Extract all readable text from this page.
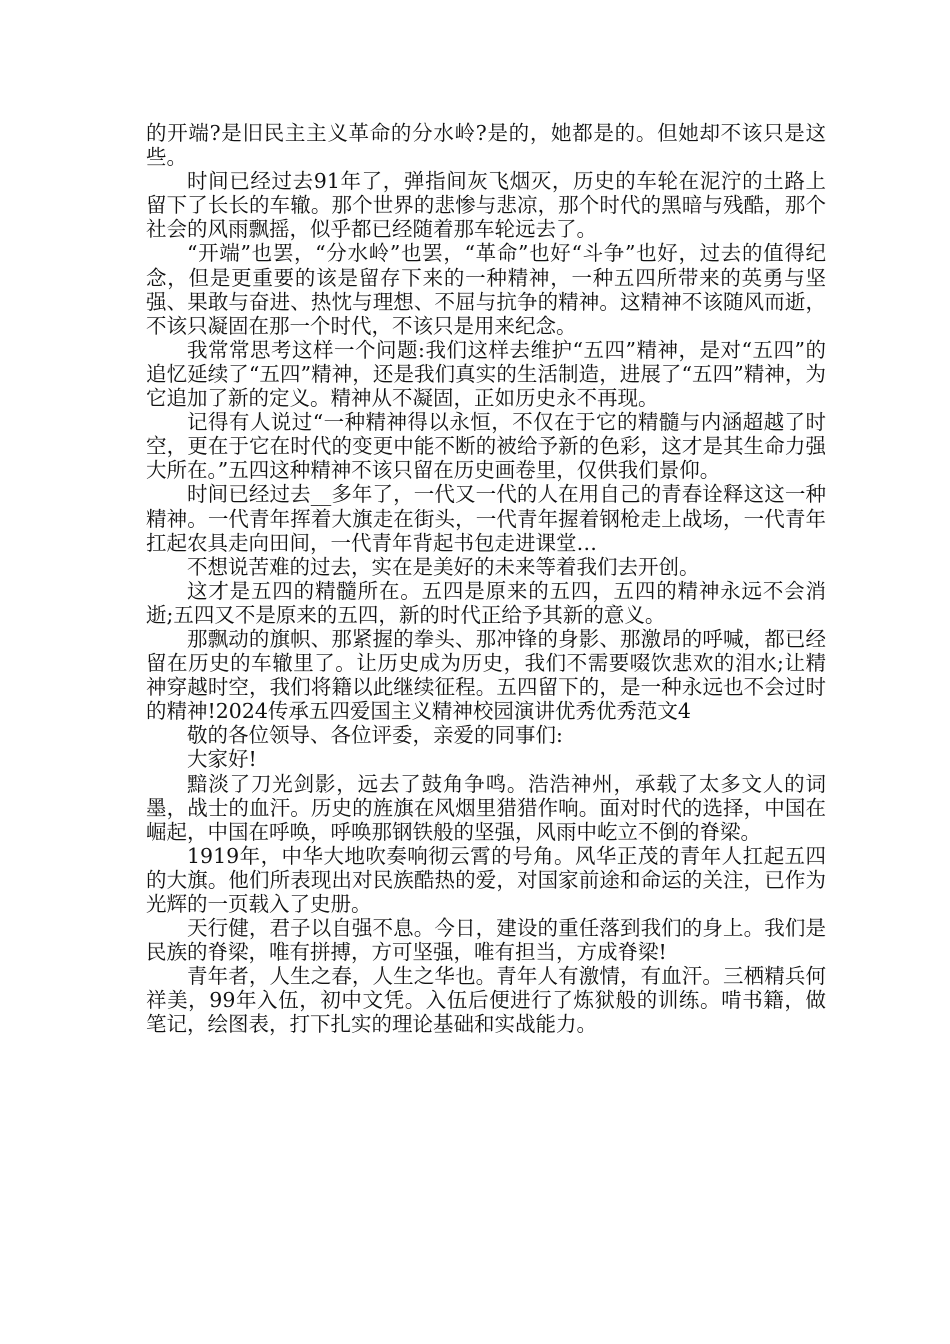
的开端?是旧民主主义革命的分水岭?是的，她都是的。但她却不该只是这些。

时间已经过去91年了，弹指间灰飞烟灭，历史的车轮在泥泞的土路上留下了长长的车辙。那个世界的悲惨与悲凉，那个时代的黑暗与残酷，那个社会的风雨飘摇，似乎都已经随着那车轮远去了。

“开端”也罢，“分水岭”也罢，“革命”也好“斗争”也好，过去的值得纪念，但是更重要的该是留存下来的一种精神，一种五四所带来的英勇与坚强、果敢与奋进、热忱与理想、不屈与抗争的精神。这精神不该随风而逝，不该只凝固在那一个时代，不该只是用来纪念。

我常常思考这样一个问题:我们这样去维护“五四”精神，是对“五四”的追忆延续了“五四”精神，还是我们真实的生活制造，进展了“五四”精神，为它追加了新的定义。精神从不凝固，正如历史永不再现。

记得有人说过“一种精神得以永恒，不仅在于它的精髓与内涵超越了时空，更在于它在时代的变更中能不断的被给予新的色彩，这才是其生命力强大所在。”五四这种精神不该只留在历史画卷里，仅供我们景仰。

时间已经过去__多年了，一代又一代的人在用自己的青春诠释这这一种精神。一代青年挥着大旗走在街头，一代青年握着钢枪走上战场，一代青年扛起农具走向田间，一代青年背起书包走进课堂…

不想说苦难的过去，实在是美好的未来等着我们去开创。

这才是五四的精髓所在。五四是原来的五四，五四的精神永远不会消逝;五四又不是原来的五四，新的时代正给予其新的意义。

那飘动的旗帜、那紧握的拳头、那冲锋的身影、那激昂的呼喊，都已经留在历史的车辙里了。让历史成为历史，我们不需要啜饮悲欢的泪水;让精神穿越时空，我们将籍以此继续征程。五四留下的，是一种永远也不会过时的精神!2024传承五四爱国主义精神校园演讲优秀优秀范文4

敬的各位领导、各位评委，亲爱的同事们:

大家好!

黯淡了刀光剑影，远去了鼓角争鸣。浩浩神州，承载了太多文人的词墨，战士的血汗。历史的旌旗在风烟里猎猎作响。面对时代的选择，中国在崛起，中国在呼唤，呼唤那钢铁般的坚强，风雨中屹立不倒的脊梁。

1919年，中华大地吹奏响彻云霄的号角。风华正茂的青年人扛起五四的大旗。他们所表现出对民族酷热的爱，对国家前途和命运的关注，已作为光辉的一页载入了史册。

天行健，君子以自强不息。今日，建设的重任落到我们的身上。我们是民族的脊梁，唯有拼搏，方可坚强，唯有担当，方成脊梁!

青年者，人生之春，人生之华也。青年人有激情，有血汗。三栖精兵何祥美，99年入伍，初中文凭。入伍后便进行了炼狱般的训练。啃书籍，做笔记，绘图表，打下扎实的理论基础和实战能力。
